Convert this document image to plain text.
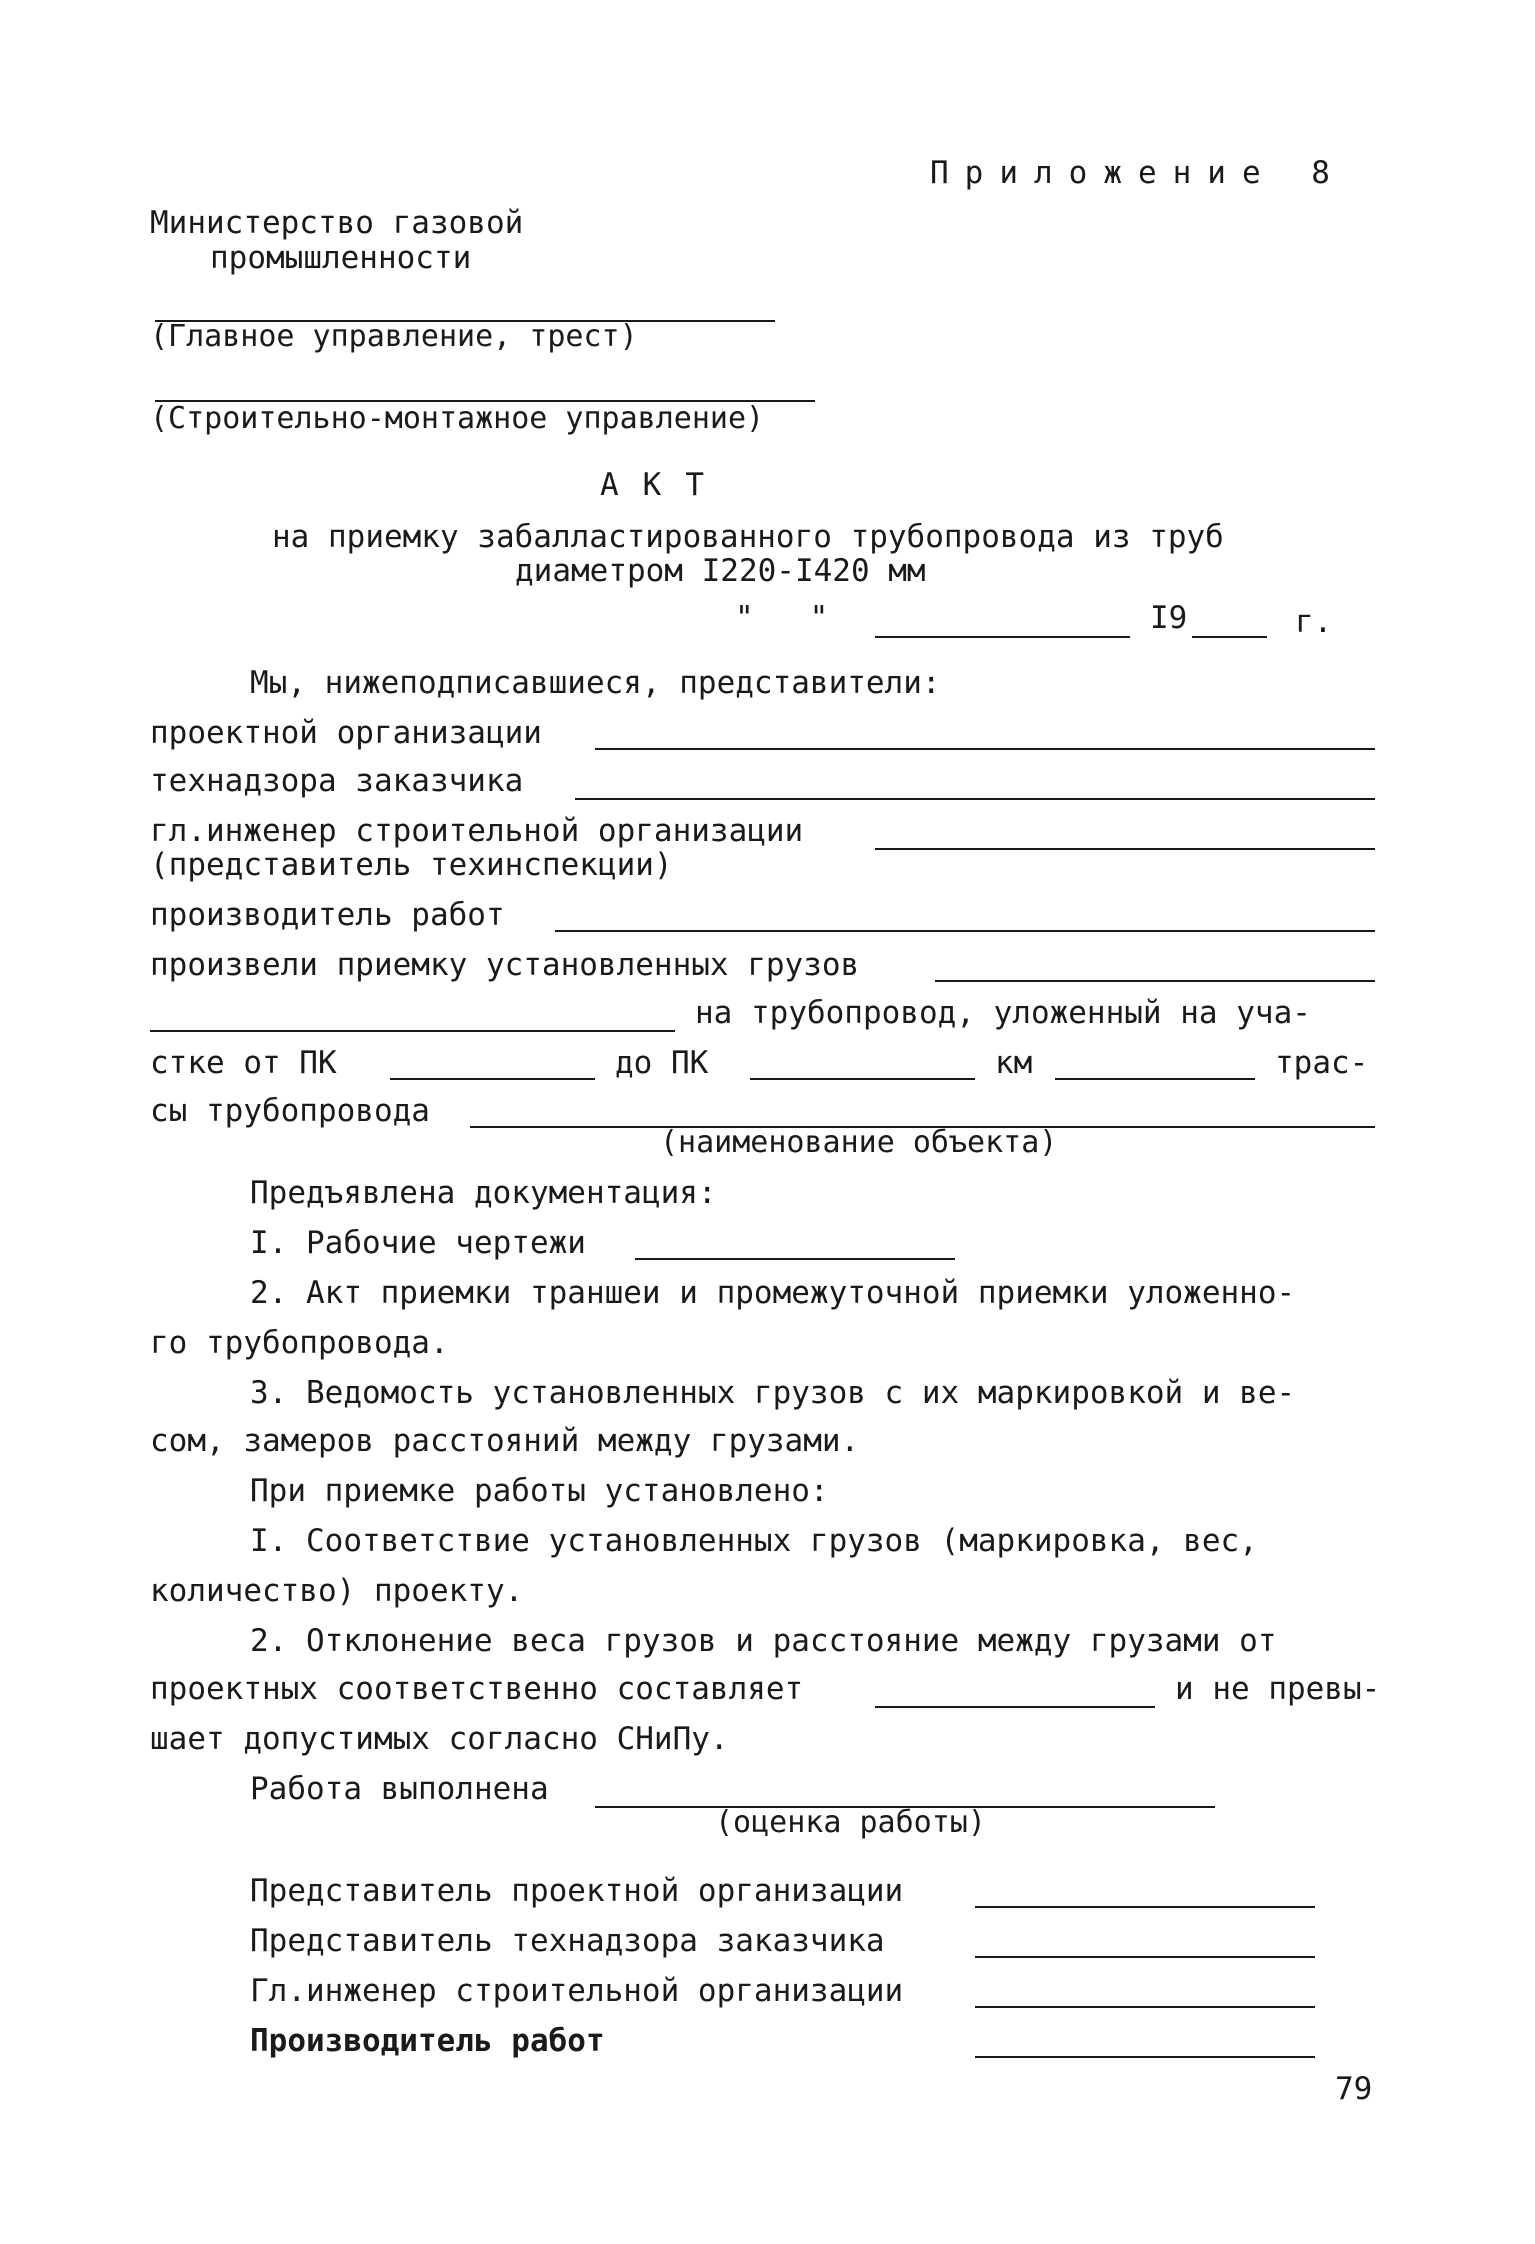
Приложение 8
Министерство газовой
промышленности
(Главное управление, трест)
(Строительно-монтажное управление)
АКТ
на приемку забалластированного трубопровода из труб
диаметром I220-I420 мм
"   "	I9	г.
Мы, нижеподписавшиеся, представители:
проектной организации
технадзора заказчика
гл.инженер строительной организации
(представитель техинспекции)
производитель работ
произвели приемку установленных грузов
на трубопровод, уложенный на уча-
стке от ПК	до ПК	км	трас-
сы трубопровода
(наименование объекта)
Предъявлена документация:
I. Рабочие чертежи
2. Акт приемки траншеи и промежуточной приемки уложенно-
го трубопровода.
3. Ведомость установленных грузов с их маркировкой и ве-
сом, замеров расстояний между грузами.
При приемке работы установлено:
I. Соответствие установленных грузов (маркировка, вес,
количество) проекту.
2. Отклонение веса грузов и расстояние между грузами от
проектных соответственно составляет	и не превы-
шает допустимых согласно СНиПу.
Работа выполнена
(оценка работы)
Представитель проектной организации
Представитель технадзора заказчика
Гл.инженер строительной организации
Производитель работ
79
